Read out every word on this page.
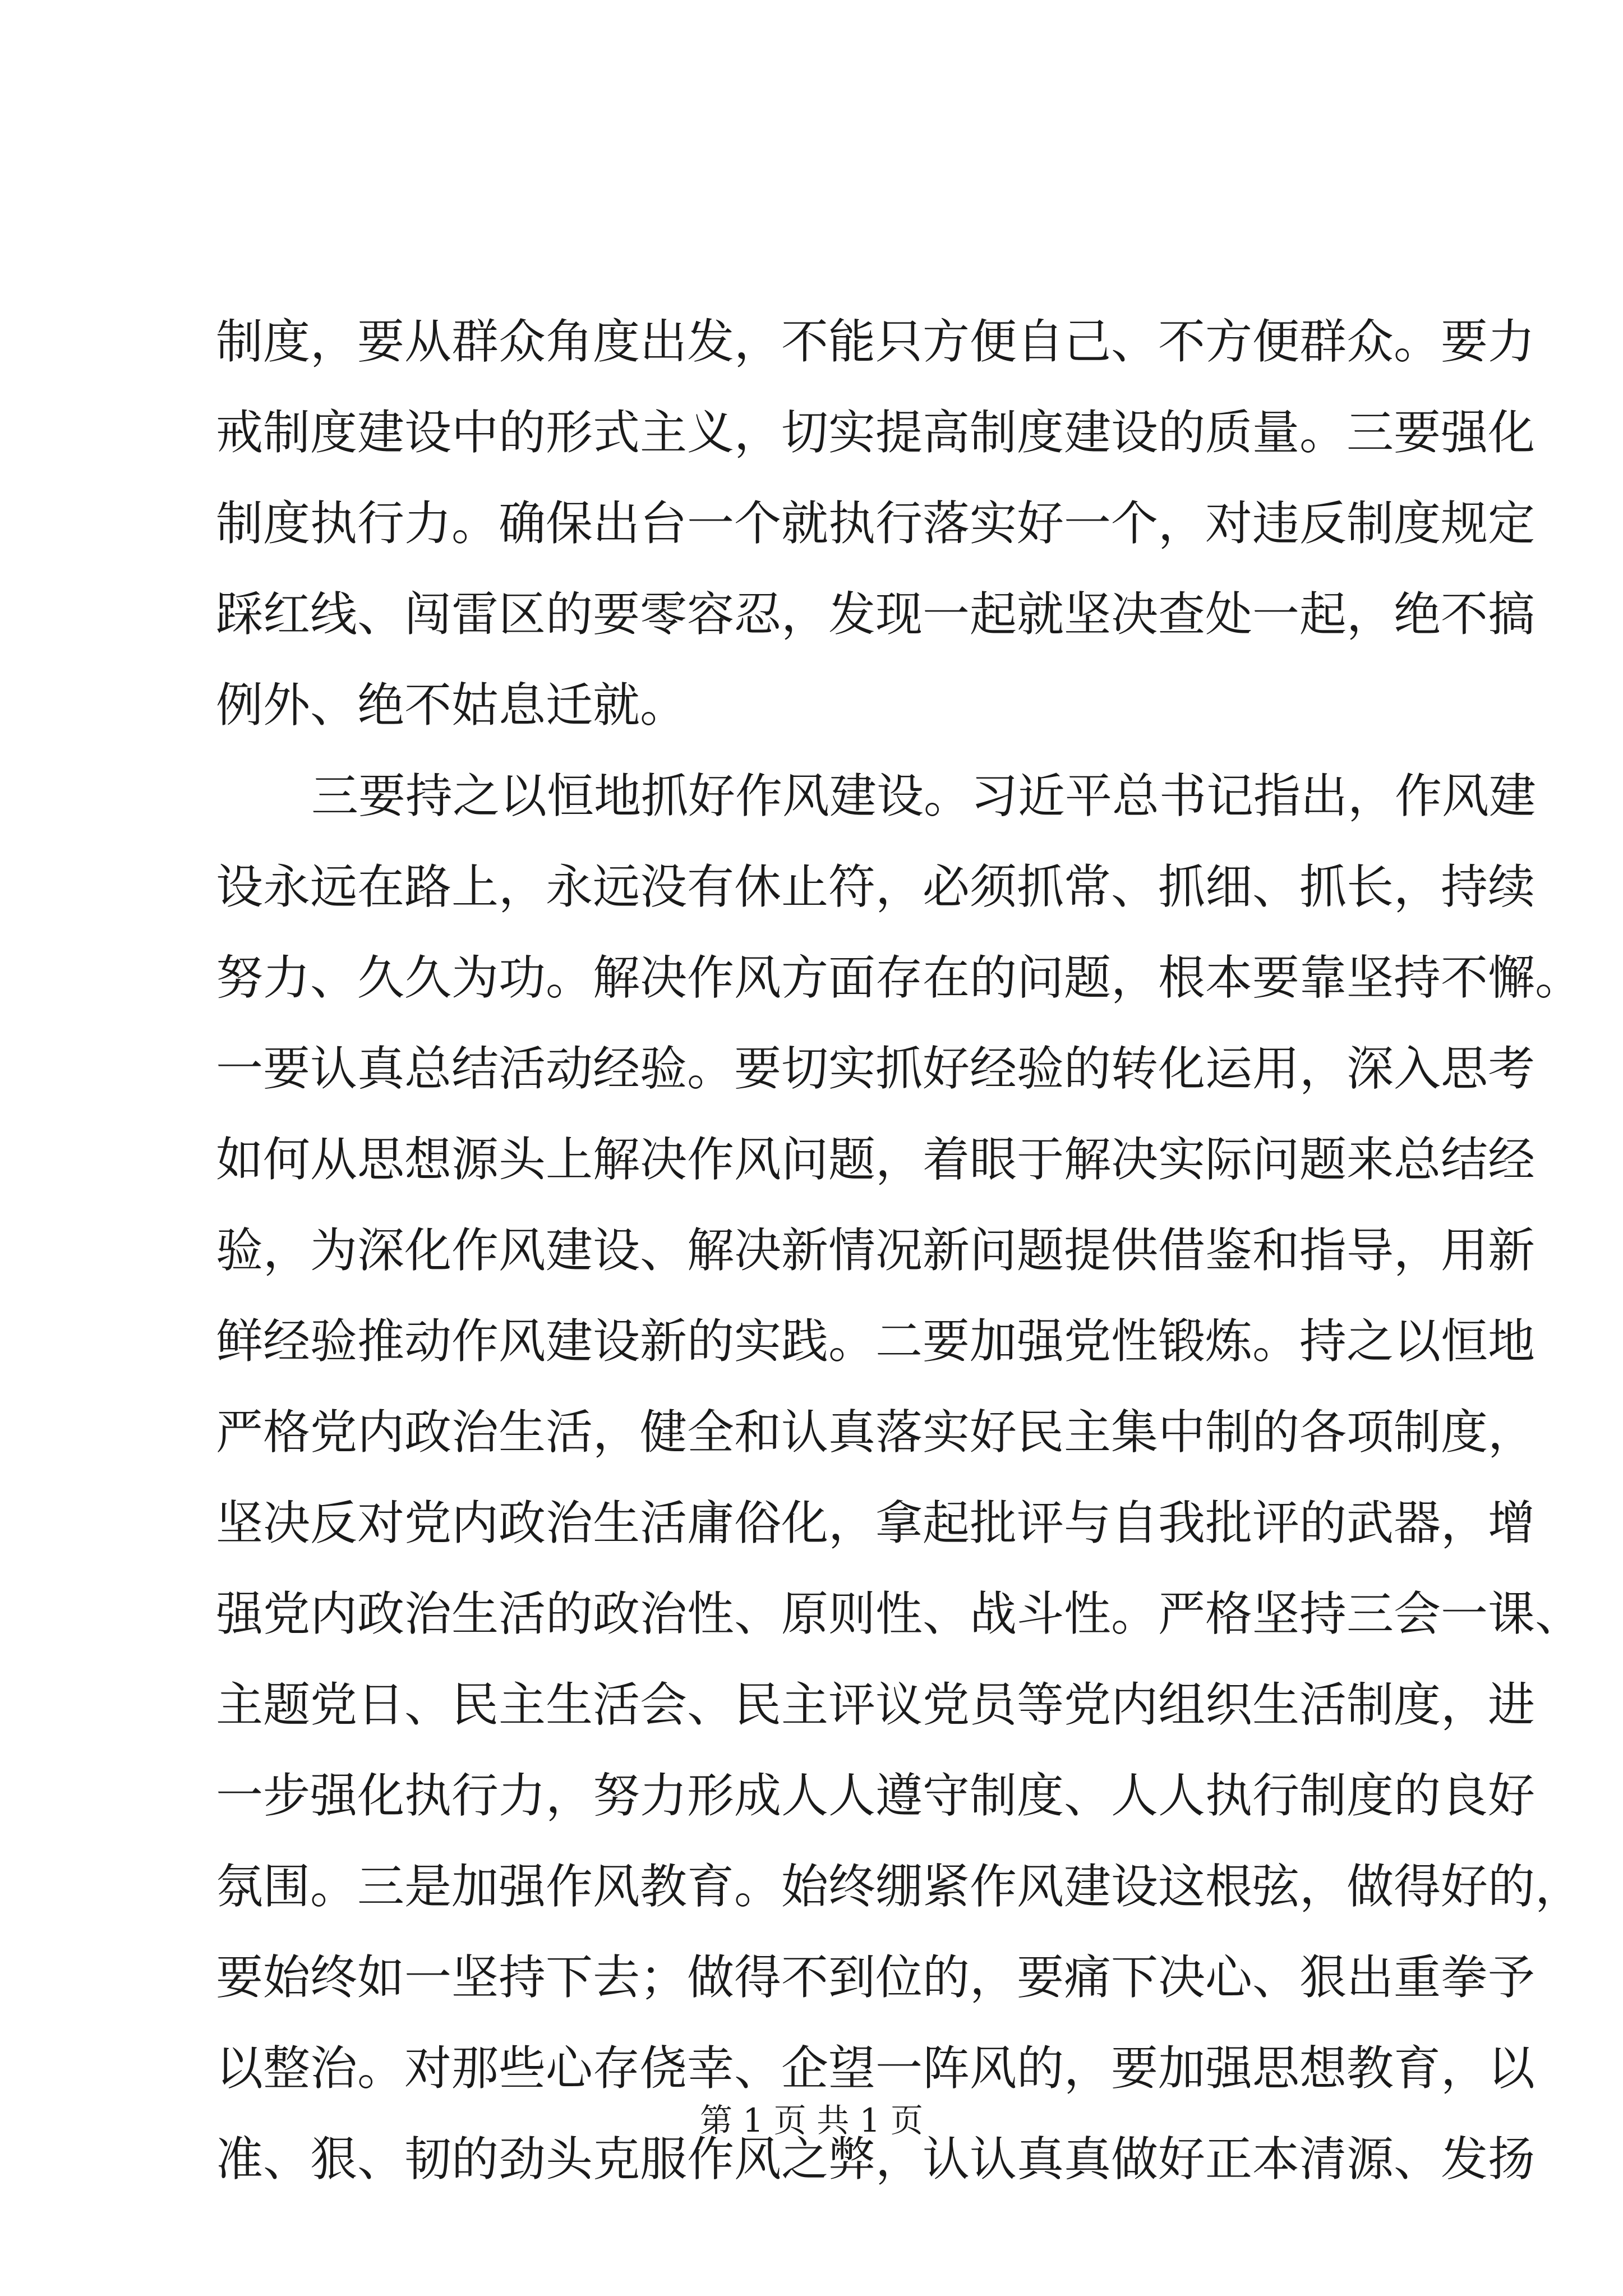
制度，要从群众角度出发，不能只方便自己、不方便群众。要力
戒制度建设中的形式主义，切实提高制度建设的质量。三要强化
制度执行力。确保出台一个就执行落实好一个，对违反制度规定
踩红线、闯雷区的要零容忍，发现一起就坚决查处一起，绝不搞
例外、绝不姑息迁就。
三要持之以恒地抓好作风建设。习近平总书记指出，作风建
设永远在路上，永远没有休止符，必须抓常、抓细、抓长，持续
努力、久久为功。解决作风方面存在的问题，根本要靠坚持不懈。
一要认真总结活动经验。要切实抓好经验的转化运用，深入思考
如何从思想源头上解决作风问题，着眼于解决实际问题来总结经
验，为深化作风建设、解决新情况新问题提供借鉴和指导，用新
鲜经验推动作风建设新的实践。二要加强党性锻炼。持之以恒地
严格党内政治生活，健全和认真落实好民主集中制的各项制度，
坚决反对党内政治生活庸俗化，拿起批评与自我批评的武器，增
强党内政治生活的政治性、原则性、战斗性。严格坚持三会一课、
主题党日、民主生活会、民主评议党员等党内组织生活制度，进
一步强化执行力，努力形成人人遵守制度、人人执行制度的良好
氛围。三是加强作风教育。始终绷紧作风建设这根弦，做得好的，
要始终如一坚持下去；做得不到位的，要痛下决心、狠出重拳予
以整治。对那些心存侥幸、企望一阵风的，要加强思想教育，以
准、狠、韧的劲头克服作风之弊，认认真真做好正本清源、发扬
第 1 页 共 1 页
